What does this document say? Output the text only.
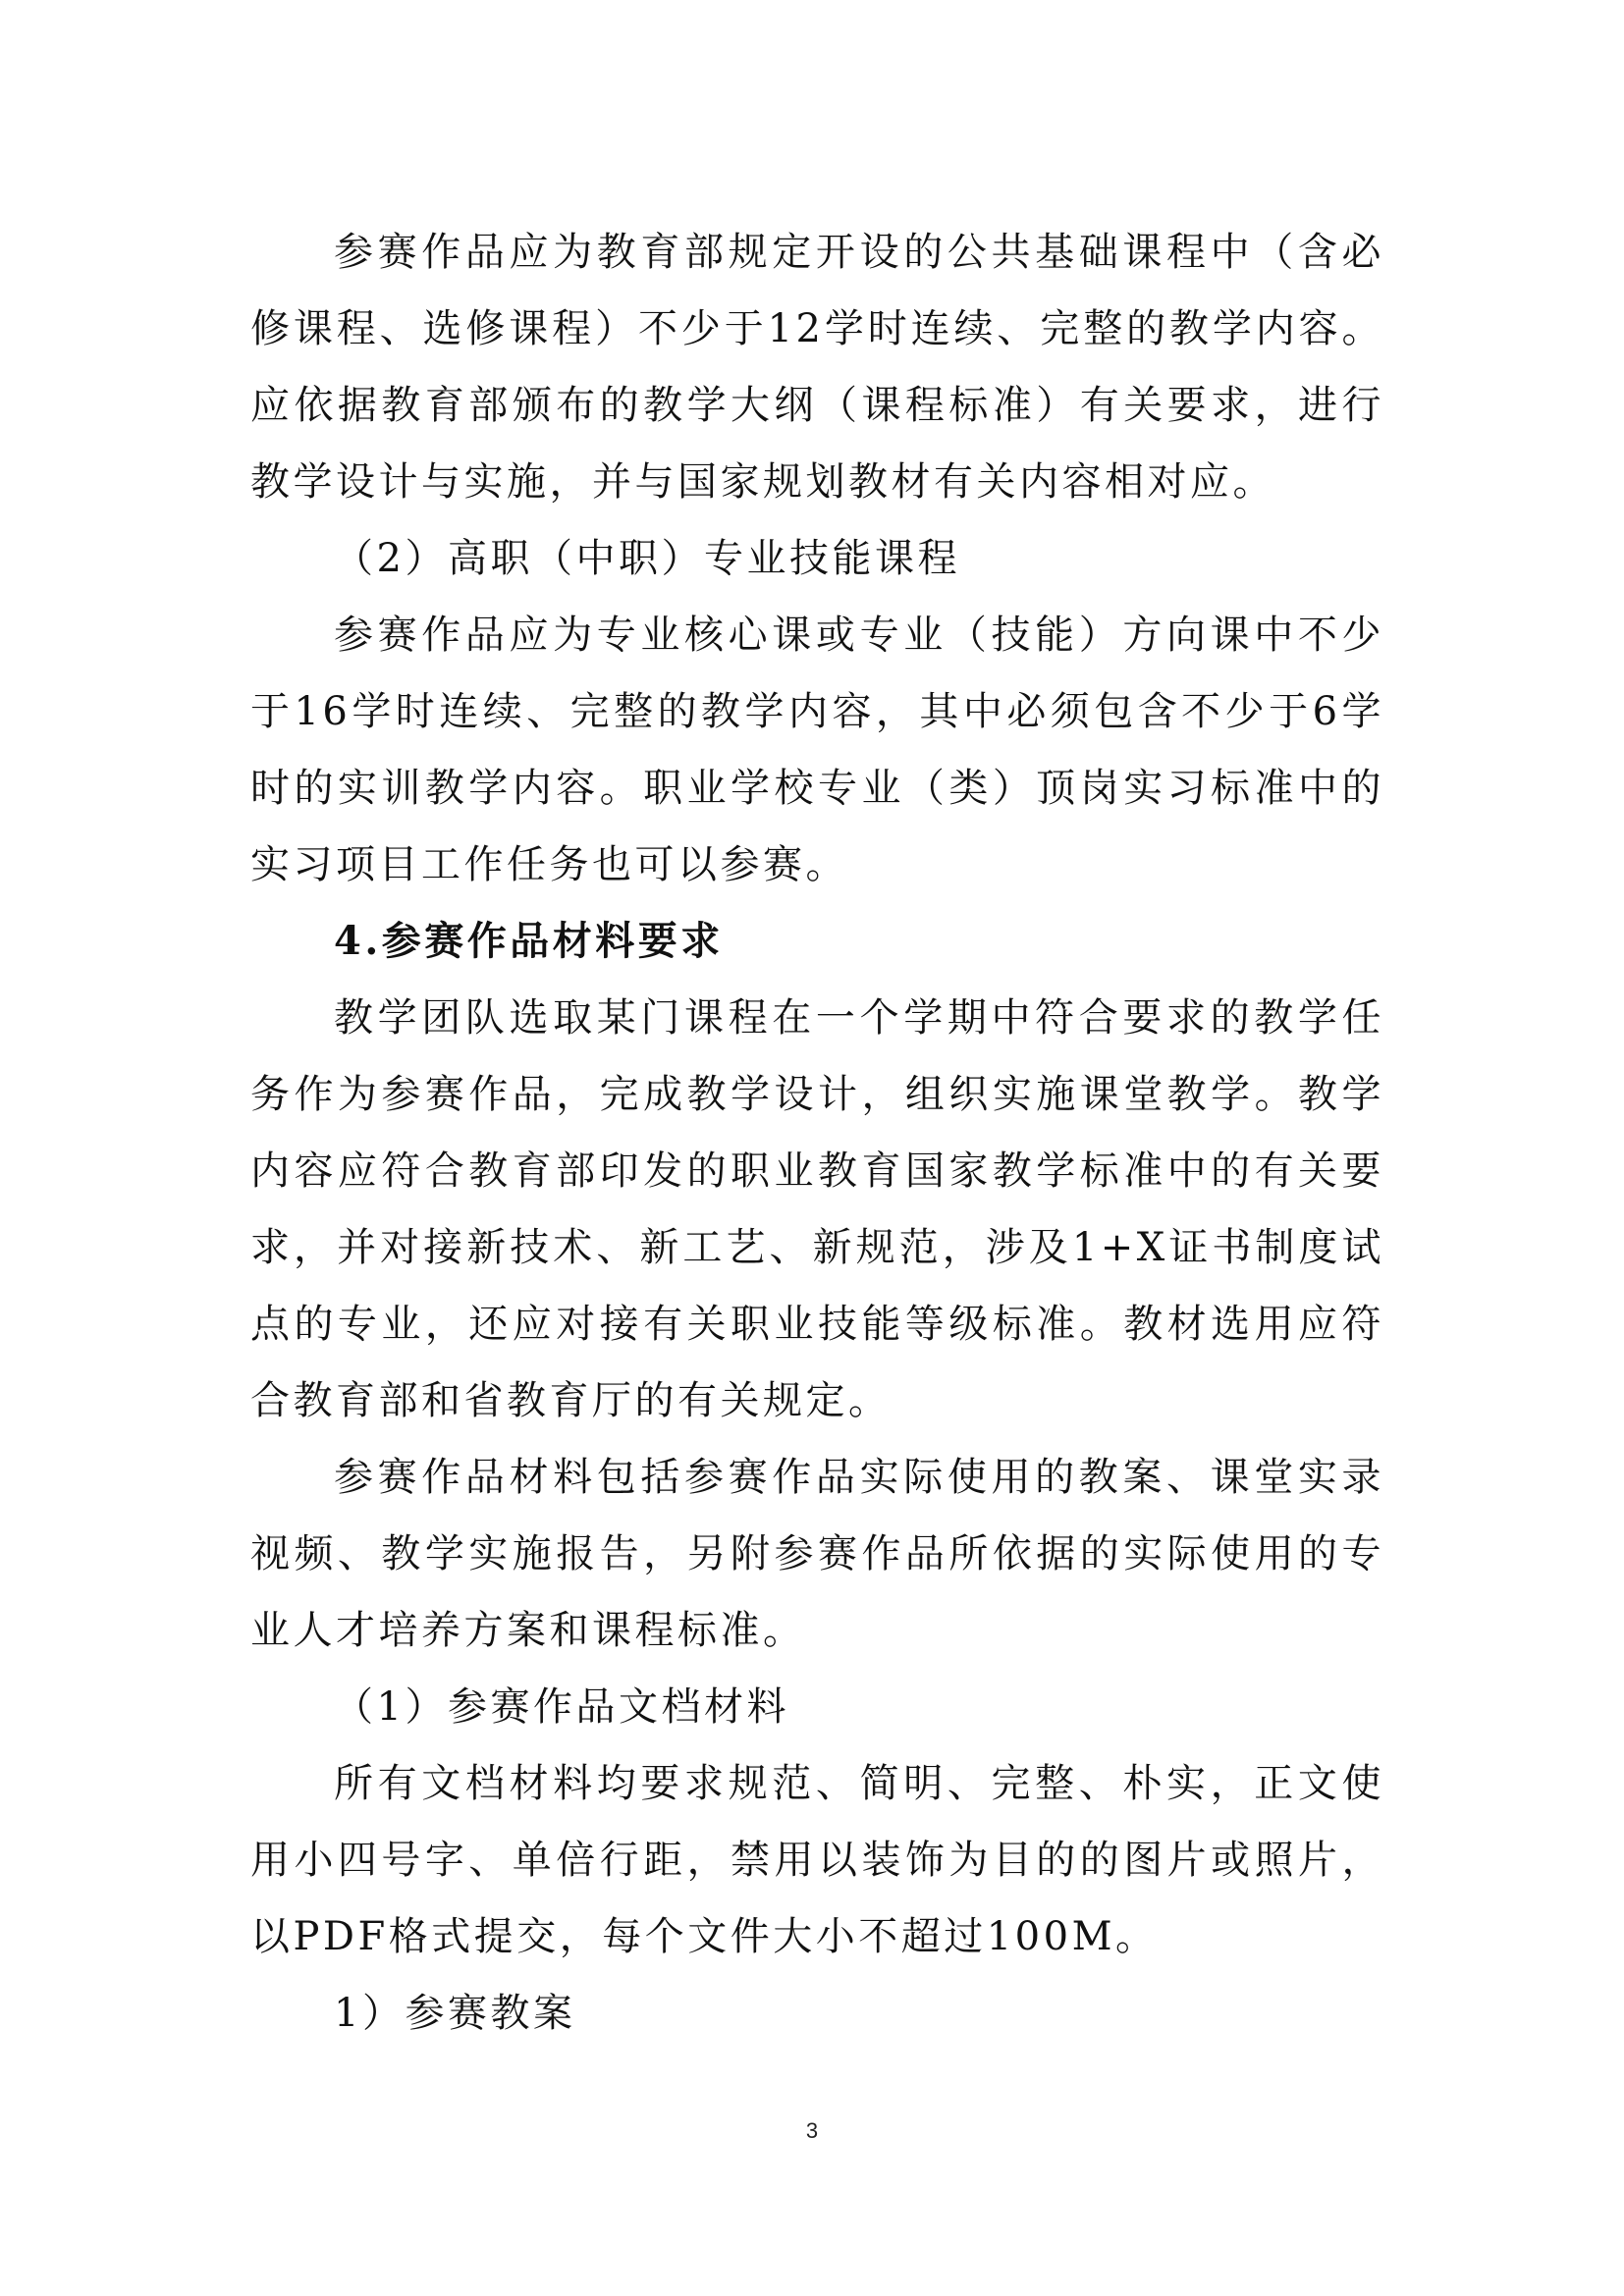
参赛作品应为教育部规定开设的公共基础课程中（含必修课程、选修课程）不少于12学时连续、完整的教学内容。应依据教育部颁布的教学大纲（课程标准）有关要求，进行教学设计与实施，并与国家规划教材有关内容相对应。

（2）高职（中职）专业技能课程

参赛作品应为专业核心课或专业（技能）方向课中不少于16学时连续、完整的教学内容，其中必须包含不少于6学时的实训教学内容。职业学校专业（类）顶岗实习标准中的实习项目工作任务也可以参赛。

4.参赛作品材料要求

教学团队选取某门课程在一个学期中符合要求的教学任务作为参赛作品，完成教学设计，组织实施课堂教学。教学内容应符合教育部印发的职业教育国家教学标准中的有关要求，并对接新技术、新工艺、新规范，涉及1+X证书制度试点的专业，还应对接有关职业技能等级标准。教材选用应符合教育部和省教育厅的有关规定。

参赛作品材料包括参赛作品实际使用的教案、课堂实录视频、教学实施报告，另附参赛作品所依据的实际使用的专业人才培养方案和课程标准。

（1）参赛作品文档材料

所有文档材料均要求规范、简明、完整、朴实，正文使用小四号字、单倍行距，禁用以装饰为目的的图片或照片，以PDF格式提交，每个文件大小不超过100M。

1）参赛教案

3
